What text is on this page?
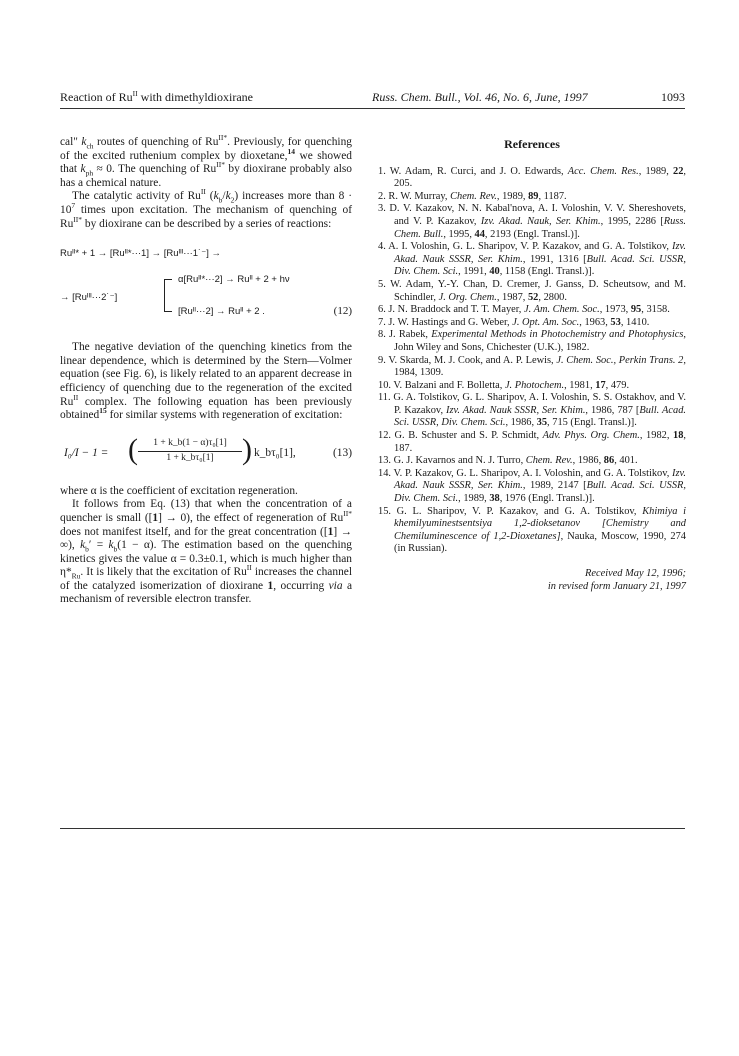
Reaction of $Ru^{II}$ with dimethyldioxirane	Russ. Chem. Bull., Vol. 46, No. 6, June, 1997	1093

cal" $k_{ch}$ routes of quenching of $Ru^{II*}$. Previously, for quenching of the excited ruthenium complex by dioxetane,$^{14}$ we showed that $k_{ph} \approx 0$. The quenching of $Ru^{II*}$ by dioxirane probably also has a chemical nature.

The catalytic activity of $Ru^{II}$ $(k_b/k_2)$ increases more than $8 \cdot 10^7$ times upon excitation. The mechanism of quenching of $Ru^{II*}$ by dioxirane can be described by a series of reactions:

Ruᴵᴵ* + 1 → [Ruᴵᴵ*···1] → [Ruᴵᴵᴵ···1˙⁻] →
→ [Ruᴵᴵᴵ···2˙⁻]
α[Ruᴵᴵ*···2] → Ruᴵᴵ + 2 + hν
[Ruᴵᴵ···2] → Ruᴵᴵ + 2 .	(12)

The negative deviation of the quenching kinetics from the linear dependence, which is determined by the Stern—Volmer equation (see Fig. 6), is likely related to an apparent decrease in efficiency of quenching due to the regeneration of the excited $Ru^{II}$ complex. The following equation has been previously obtained$^{15}$ for similar systems with regeneration of excitation:

I₀/I − 1 = ( $\frac{\text{1 + k\_b(1 − α)τ₀[1]}}{\text{1 + k\_bτ₀[1]}}$ ) k_bτ₀[1],	(13)

where α is the coefficient of excitation regeneration.

It follows from Eq. (13) that when the concentration of a quencher is small ([1] → 0), the effect of regeneration of $Ru^{II*}$ does not manifest itself, and for the great concentration ([1] → ∞), $k_b' = k_b(1 - \alpha)$. The estimation based on the quenching kinetics gives the value α = 0.3±0.1, which is much higher than $\eta*_{Ru}$. It is likely that the excitation of $Ru^{II}$ increases the channel of the catalyzed isomerization of dioxirane 1, occurring via a mechanism of reversible electron transfer.

References

1. W. Adam, R. Curci, and J. O. Edwards, Acc. Chem. Res., 1989, 22, 205.

2. R. W. Murray, Chem. Rev., 1989, 89, 1187.

3. D. V. Kazakov, N. N. Kabal'nova, A. I. Voloshin, V. V. Shereshovets, and V. P. Kazakov, Izv. Akad. Nauk, Ser. Khim., 1995, 2286 [Russ. Chem. Bull., 1995, 44, 2193 (Engl. Transl.)].

4. A. I. Voloshin, G. L. Sharipov, V. P. Kazakov, and G. A. Tolstikov, Izv. Akad. Nauk SSSR, Ser. Khim., 1991, 1316 [Bull. Acad. Sci. USSR, Div. Chem. Sci., 1991, 40, 1158 (Engl. Transl.)].

5. W. Adam, Y.-Y. Chan, D. Cremer, J. Ganss, D. Scheutsow, and M. Schindler, J. Org. Chem., 1987, 52, 2800.

6. J. N. Braddock and T. T. Mayer, J. Am. Chem. Soc., 1973, 95, 3158.

7. J. W. Hastings and G. Weber, J. Opt. Am. Soc., 1963, 53, 1410.

8. J. Rabek, Experimental Methods in Photochemistry and Photophysics, John Wiley and Sons, Chichester (U.K.), 1982.

9. V. Skarda, M. J. Cook, and A. P. Lewis, J. Chem. Soc., Perkin Trans. 2, 1984, 1309.

10. V. Balzani and F. Bolletta, J. Photochem., 1981, 17, 479.

11. G. A. Tolstikov, G. L. Sharipov, A. I. Voloshin, S. S. Ostakhov, and V. P. Kazakov, Izv. Akad. Nauk SSSR, Ser. Khim., 1986, 787 [Bull. Acad. Sci. USSR, Div. Chem. Sci., 1986, 35, 715 (Engl. Transl.)].

12. G. B. Schuster and S. P. Schmidt, Adv. Phys. Org. Chem., 1982, 18, 187.

13. G. J. Kavarnos and N. J. Turro, Chem. Rev., 1986, 86, 401.

14. V. P. Kazakov, G. L. Sharipov, A. I. Voloshin, and G. A. Tolstikov, Izv. Akad. Nauk SSSR, Ser. Khim., 1989, 2147 [Bull. Acad. Sci. USSR, Div. Chem. Sci., 1989, 38, 1976 (Engl. Transl.)].

15. G. L. Sharipov, V. P. Kazakov, and G. A. Tolstikov, Khimiya i khemilyuminestsentsiya 1,2-dioksetanov [Chemistry and Chemiluminescence of 1,2-Dioxetanes], Nauka, Moscow, 1990, 274 (in Russian).

Received May 12, 1996;
in revised form January 21, 1997
